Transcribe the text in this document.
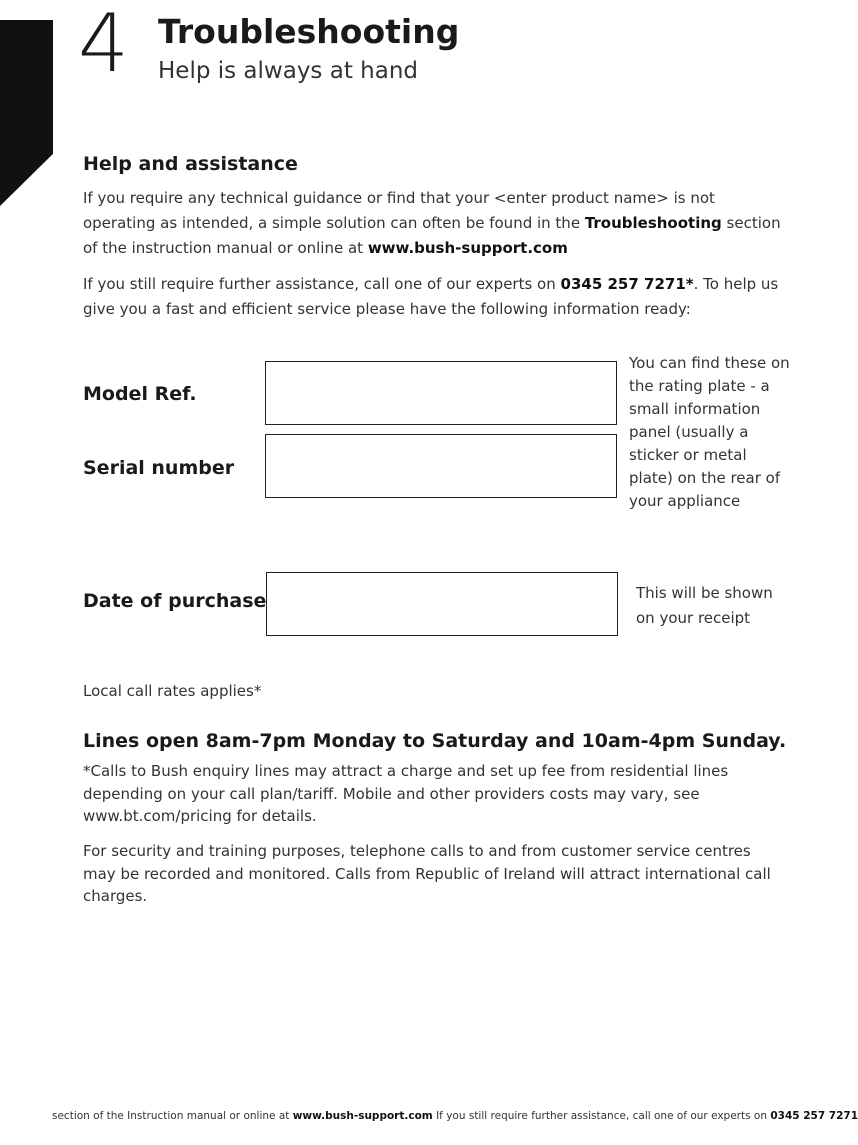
4 Troubleshooting
Help is always at hand
Help and assistance

If you require any technical guidance or find that your <enter product name> is not operating as intended, a simple solution can often be found in the Troubleshooting section of the instruction manual or online at www.bush-support.com

If you still require further assistance, call one of our experts on 0345 257 7271*. To help us give you a fast and efficient service please have the following information ready:

Model Ref.
Serial number

You can find these on the rating plate - a small information panel (usually a sticker or metal plate) on the rear of your appliance

Date of purchase	This will be shown on your receipt

Local call rates applies*

Lines open 8am-7pm Monday to Saturday and 10am-4pm Sunday.

*Calls to Bush enquiry lines may attract a charge and set up fee from residential lines depending on your call plan/tariff. Mobile and other providers costs may vary, see www.bt.com/pricing for details.

For security and training purposes, telephone calls to and from customer service centres may be recorded and monitored. Calls from Republic of Ireland will attract international call charges.

section of the Instruction manual or online at www.bush-support.com If you still require further assistance, call one of our experts on 0345 257 7271
